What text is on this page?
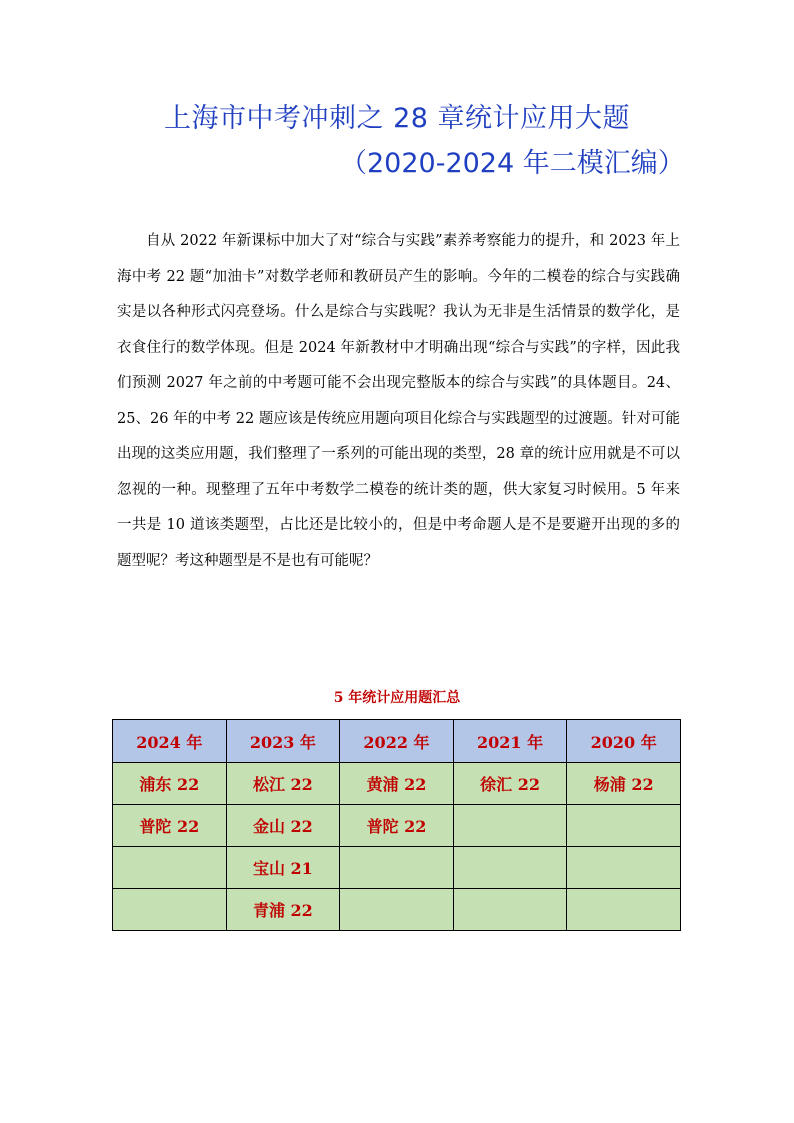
上海市中考冲刺之 28 章统计应用大题
（2020-2024 年二模汇编）
自从 2022 年新课标中加大了对“综合与实践”素养考察能力的提升，和 2023 年上海中考 22 题“加油卡”对数学老师和教研员产生的影响。今年的二模卷的综合与实践确实是以各种形式闪亮登场。什么是综合与实践呢？我认为无非是生活情景的数学化，是衣食住行的数学体现。但是 2024 年新教材中才明确出现“综合与实践”的字样，因此我们预测 2027 年之前的中考题可能不会出现完整版本的综合与实践”的具体题目。24、25、26 年的中考 22 题应该是传统应用题向项目化综合与实践题型的过渡题。针对可能出现的这类应用题，我们整理了一系列的可能出现的类型，28 章的统计应用就是不可以忽视的一种。现整理了五年中考数学二模卷的统计类的题，供大家复习时候用。5 年来一共是 10 道该类题型，占比还是比较小的，但是中考命题人是不是要避开出现的多的题型呢？考这种题型是不是也有可能呢？
5 年统计应用题汇总
2024 年	2023 年	2022 年	2021 年	2020 年
浦东 22	松江 22	黄浦 22	徐汇 22	杨浦 22
普陀 22	金山 22	普陀 22		
	宝山 21			
	青浦 22			
